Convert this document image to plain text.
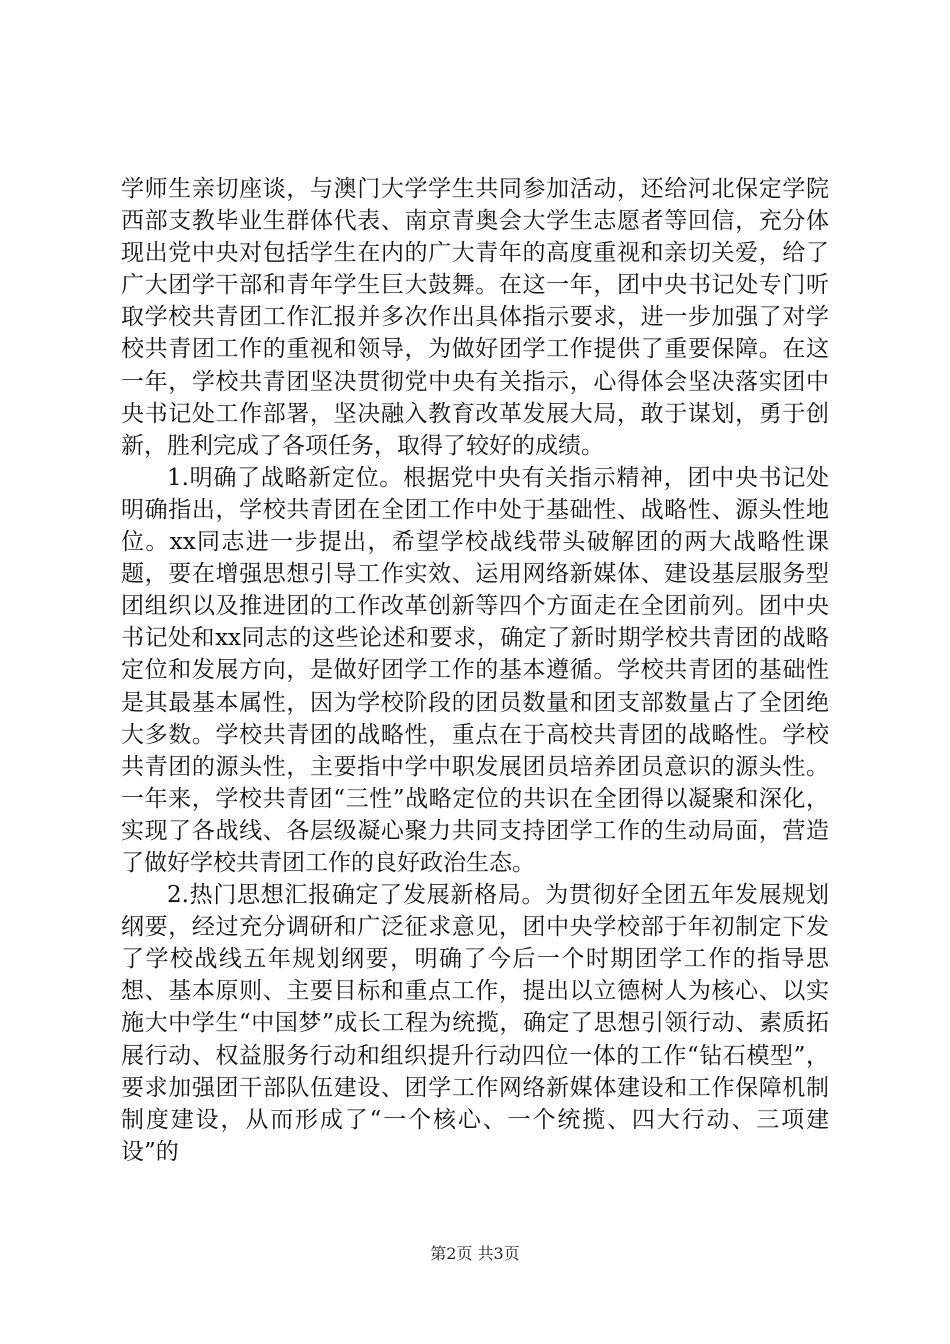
学师生亲切座谈，与澳门大学学生共同参加活动，还给河北保定学院西部支教毕业生群体代表、南京青奥会大学生志愿者等回信，充分体现出党中央对包括学生在内的广大青年的高度重视和亲切关爱，给了广大团学干部和青年学生巨大鼓舞。在这一年，团中央书记处专门听取学校共青团工作汇报并多次作出具体指示要求，进一步加强了对学校共青团工作的重视和领导，为做好团学工作提供了重要保障。在这一年，学校共青团坚决贯彻党中央有关指示，心得体会坚决落实团中央书记处工作部署，坚决融入教育改革发展大局，敢于谋划，勇于创新，胜利完成了各项任务，取得了较好的成绩。

1.明确了战略新定位。根据党中央有关指示精神，团中央书记处明确指出，学校共青团在全团工作中处于基础性、战略性、源头性地位。xx同志进一步提出，希望学校战线带头破解团的两大战略性课题，要在增强思想引导工作实效、运用网络新媒体、建设基层服务型团组织以及推进团的工作改革创新等四个方面走在全团前列。团中央书记处和xx同志的这些论述和要求，确定了新时期学校共青团的战略定位和发展方向，是做好团学工作的基本遵循。学校共青团的基础性是其最基本属性，因为学校阶段的团员数量和团支部数量占了全团绝大多数。学校共青团的战略性，重点在于高校共青团的战略性。学校共青团的源头性，主要指中学中职发展团员培养团员意识的源头性。一年来，学校共青团“三性”战略定位的共识在全团得以凝聚和深化，实现了各战线、各层级凝心聚力共同支持团学工作的生动局面，营造了做好学校共青团工作的良好政治生态。

2.热门思想汇报确定了发展新格局。为贯彻好全团五年发展规划纲要，经过充分调研和广泛征求意见，团中央学校部于年初制定下发了学校战线五年规划纲要，明确了今后一个时期团学工作的指导思想、基本原则、主要目标和重点工作，提出以立德树人为核心、以实施大中学生“中国梦”成长工程为统揽，确定了思想引领行动、素质拓展行动、权益服务行动和组织提升行动四位一体的工作“钻石模型”，要求加强团干部队伍建设、团学工作网络新媒体建设和工作保障机制制度建设，从而形成了“一个核心、一个统揽、四大行动、三项建设”的

第2页 共3页
